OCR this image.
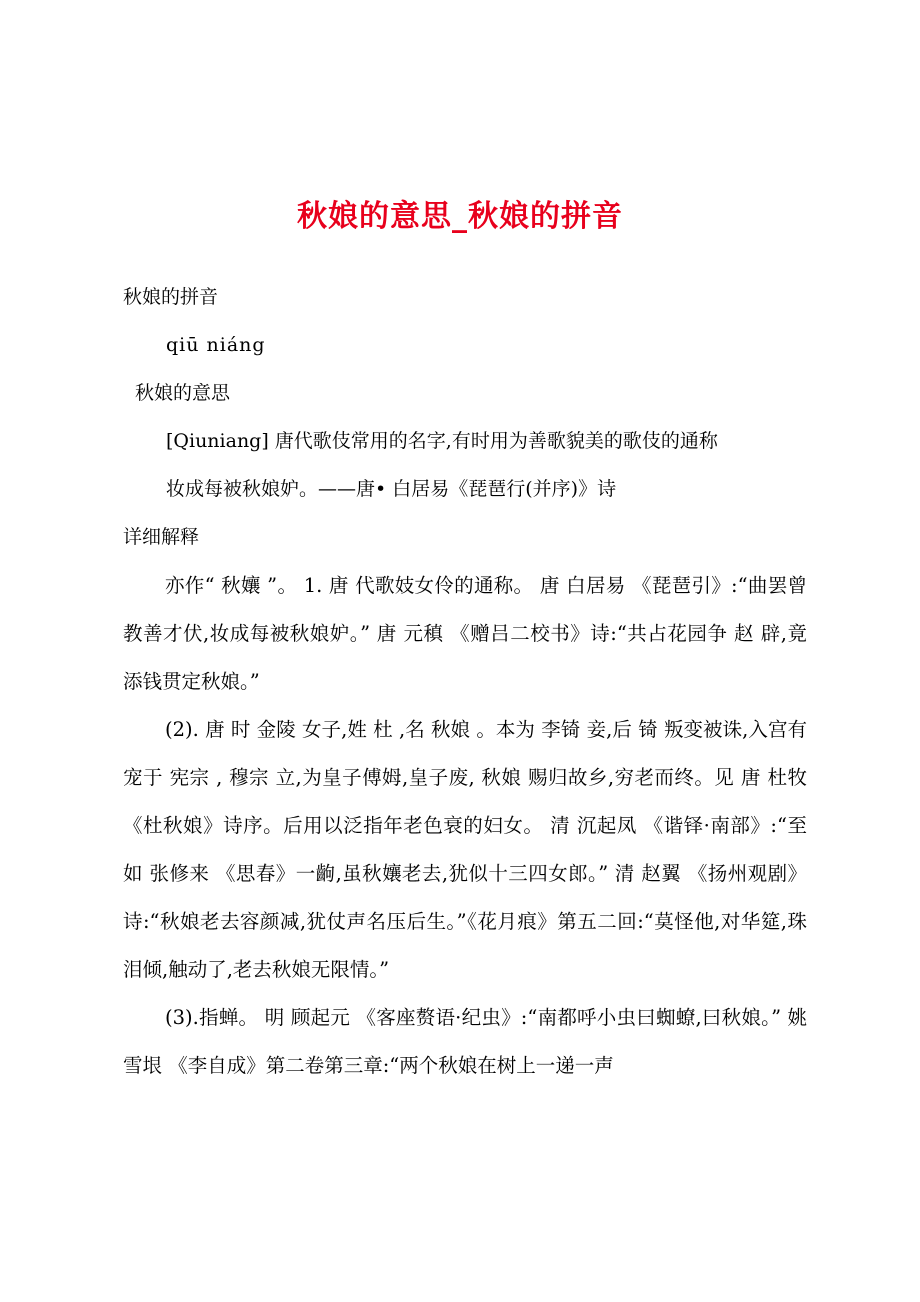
秋娘的意思_秋娘的拼音
秋娘的拼音
qiū niáng
秋娘的意思
[Qiuniang] 唐代歌伎常用的名字,有时用为善歌貌美的歌伎的通称
妆成每被秋娘妒。——唐• 白居易《琵琶行(并序)》诗
详细解释

亦作“ 秋孃 ”。 1. 唐 代歌妓女伶的通称。 唐 白居易 《琵琶引》:“曲罢曾教善才伏,妆成每被秋娘妒。” 唐 元稹 《赠吕二校书》诗:“共占花园争 赵 辟,竟添钱贯定秋娘。”

(2). 唐 时 金陵 女子,姓 杜 ,名 秋娘 。本为 李锜 妾,后 锜 叛变被诛,入宫有宠于 宪宗 , 穆宗 立,为皇子傅姆,皇子废, 秋娘 赐归故乡,穷老而终。见 唐 杜牧 《杜秋娘》诗序。后用以泛指年老色衰的妇女。 清 沉起凤 《谐铎·南部》:“至如 张修来 《思春》一齣,虽秋孃老去,犹似十三四女郎。” 清 赵翼 《扬州观剧》诗:“秋娘老去容颜减,犹仗声名压后生。”《花月痕》第五二回:“莫怪他,对华筵,珠泪倾,触动了,老去秋娘无限情。”

(3).指蝉。 明 顾起元 《客座赘语·纪虫》:“南都呼小虫曰蜘蟟,曰秋娘。” 姚雪垠 《李自成》第二卷第三章:“两个秋娘在树上一递一声
